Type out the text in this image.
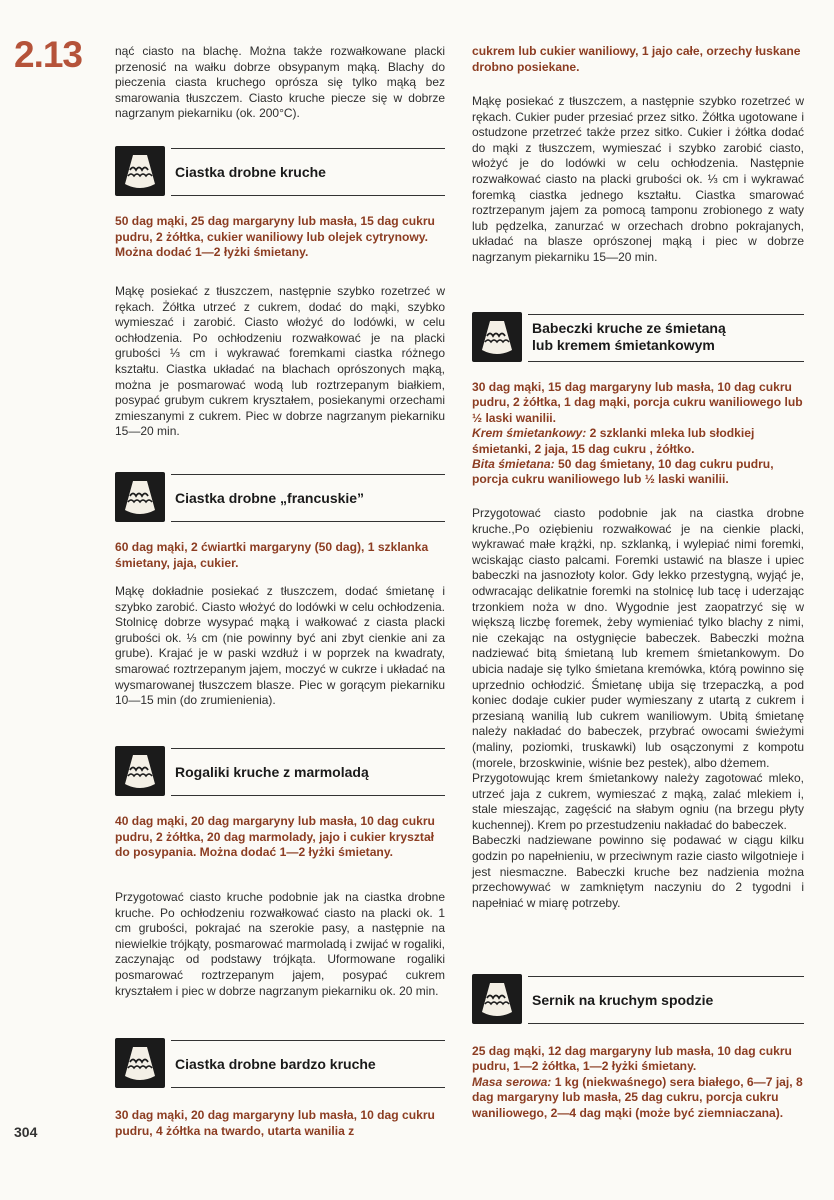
2.13
304

nąć ciasto na blachę. Można także rozwałkowane placki przenosić na wałku dobrze obsypanym mąką. Blachy do pieczenia ciasta kruchego oprósza się tylko mąką bez smarowania tłuszczem. Ciasto kruche piecze się w dobrze nagrzanym piekarniku (ok. 200°C).

Ciastka drobne kruche

50 dag mąki, 25 dag margaryny lub masła, 15 dag cukru pudru, 2 żółtka, cukier waniliowy lub olejek cytrynowy. Można dodać 1—2 łyżki śmietany.

Mąkę posiekać z tłuszczem, następnie szybko rozetrzeć w rękach. Żółtka utrzeć z cukrem, dodać do mąki, szybko wymieszać i zarobić. Ciasto włożyć do lodówki, w celu ochłodzenia. Po ochłodzeniu rozwałkować je na placki grubości ⅓ cm i wykrawać foremkami ciastka różnego kształtu. Ciastka układać na blachach oprószonych mąką, można je posmarować wodą lub roztrzepanym białkiem, posypać grubym cukrem kryształem, posiekanymi orzechami zmieszanymi z cukrem. Piec w dobrze nagrzanym piekarniku 15—20 min.

Ciastka drobne „francuskie”

60 dag mąki, 2 ćwiartki margaryny (50 dag), 1 szklanka śmietany, jaja, cukier.

Mąkę dokładnie posiekać z tłuszczem, dodać śmietanę i szybko zarobić. Ciasto włożyć do lodówki w celu ochłodzenia. Stolnicę dobrze wysypać mąką i wałkować z ciasta placki grubości ok. ⅓ cm (nie powinny być ani zbyt cienkie ani za grube). Krajać je w paski wzdłuż i w poprzek na kwadraty, smarować roztrzepanym jajem, moczyć w cukrze i układać na wysmarowanej tłuszczem blasze. Piec w gorącym piekarniku 10—15 min (do zrumienienia).

Rogaliki kruche z marmoladą

40 dag mąki, 20 dag margaryny lub masła, 10 dag cukru pudru, 2 żółtka, 20 dag marmolady, jajo i cukier kryształ do posypania. Można dodać 1—2 łyżki śmietany.

Przygotować ciasto kruche podobnie jak na ciastka drobne kruche. Po ochłodzeniu rozwałkować ciasto na placki ok. 1 cm grubości, pokrajać na szerokie pasy, a następnie na niewielkie trójkąty, posmarować marmoladą i zwijać w rogaliki, zaczynając od podstawy trójkąta. Uformowane rogaliki posmarować roztrzepanym jajem, posypać cukrem kryształem i piec w dobrze nagrzanym piekarniku ok. 20 min.

Ciastka drobne bardzo kruche

30 dag mąki, 20 dag margaryny lub masła, 10 dag cukru pudru, 4 żółtka na twardo, utarta wanilia z

cukrem lub cukier waniliowy, 1 jajo całe, orzechy łuskane drobno posiekane.

Mąkę posiekać z tłuszczem, a następnie szybko rozetrzeć w rękach. Cukier puder przesiać przez sitko. Żółtka ugotowane i ostudzone przetrzeć także przez sitko. Cukier i żółtka dodać do mąki z tłuszczem, wymieszać i szybko zarobić ciasto, włożyć je do lodówki w celu ochłodzenia. Następnie rozwałkować ciasto na placki grubości ok. ⅓ cm i wykrawać foremką ciastka jednego kształtu. Ciastka smarować roztrzepanym jajem za pomocą tamponu zrobionego z waty lub pędzelka, zanurzać w orzechach drobno pokrajanych, układać na blasze oprószonej mąką i piec w dobrze nagrzanym piekarniku 15—20 min.

Babeczki kruche ze śmietaną
lub kremem śmietankowym

30 dag mąki, 15 dag margaryny lub masła, 10 dag cukru pudru, 2 żółtka, 1 dag mąki, porcja cukru waniliowego lub ½ laski wanilii.

Krem śmietankowy: 2 szklanki mleka lub słodkiej śmietanki, 2 jaja, 15 dag cukru , żółtko.

Bita śmietana: 50 dag śmietany, 10 dag cukru pudru, porcja cukru waniliowego lub ½ laski wanilii.

Przygotować ciasto podobnie jak na ciastka drobne kruche.,Po oziębieniu rozwałkować je na cienkie placki, wykrawać małe krążki, np. szklanką, i wylepiać nimi foremki, wciskając ciasto palcami. Foremki ustawić na blasze i upiec babeczki na jasnozłoty kolor. Gdy lekko przestygną, wyjąć je, odwracając delikatnie foremki na stolnicę lub tacę i uderzając trzonkiem noża w dno. Wygodnie jest zaopatrzyć się w większą liczbę foremek, żeby wymieniać tylko blachy z nimi, nie czekając na ostygnięcie babeczek. Babeczki można nadziewać bitą śmietaną lub kremem śmietankowym. Do ubicia nadaje się tylko śmietana kremówka, którą powinno się uprzednio ochłodzić. Śmietanę ubija się trzepaczką, a pod koniec dodaje cukier puder wymieszany z utartą z cukrem i przesianą wanilią lub cukrem waniliowym. Ubitą śmietanę należy nakładać do babeczek, przybrać owocami świeżymi (maliny, poziomki, truskawki) lub osączonymi z kompotu (morele, brzoskwinie, wiśnie bez pestek), albo dżemem.

Przygotowując krem śmietankowy należy zagotować mleko, utrzeć jaja z cukrem, wymieszać z mąką, zalać mlekiem i, stale mieszając, zagęścić na słabym ogniu (na brzegu płyty kuchennej). Krem po przestudzeniu nakładać do babeczek.

Babeczki nadziewane powinno się podawać w ciągu kilku godzin po napełnieniu, w przeciwnym razie ciasto wilgotnieje i jest niesmaczne. Babeczki kruche bez nadzienia można przechowywać w zamkniętym naczyniu do 2 tygodni i napełniać w miarę potrzeby.

Sernik na kruchym spodzie

25 dag mąki, 12 dag margaryny lub masła, 10 dag cukru pudru, 1—2 żółtka, 1—2 łyżki śmietany.

Masa serowa: 1 kg (niekwaśnego) sera białego, 6—7 jaj, 8 dag margaryny lub masła, 25 dag cukru, porcja cukru waniliowego, 2—4 dag mąki (może być ziemniaczana).
